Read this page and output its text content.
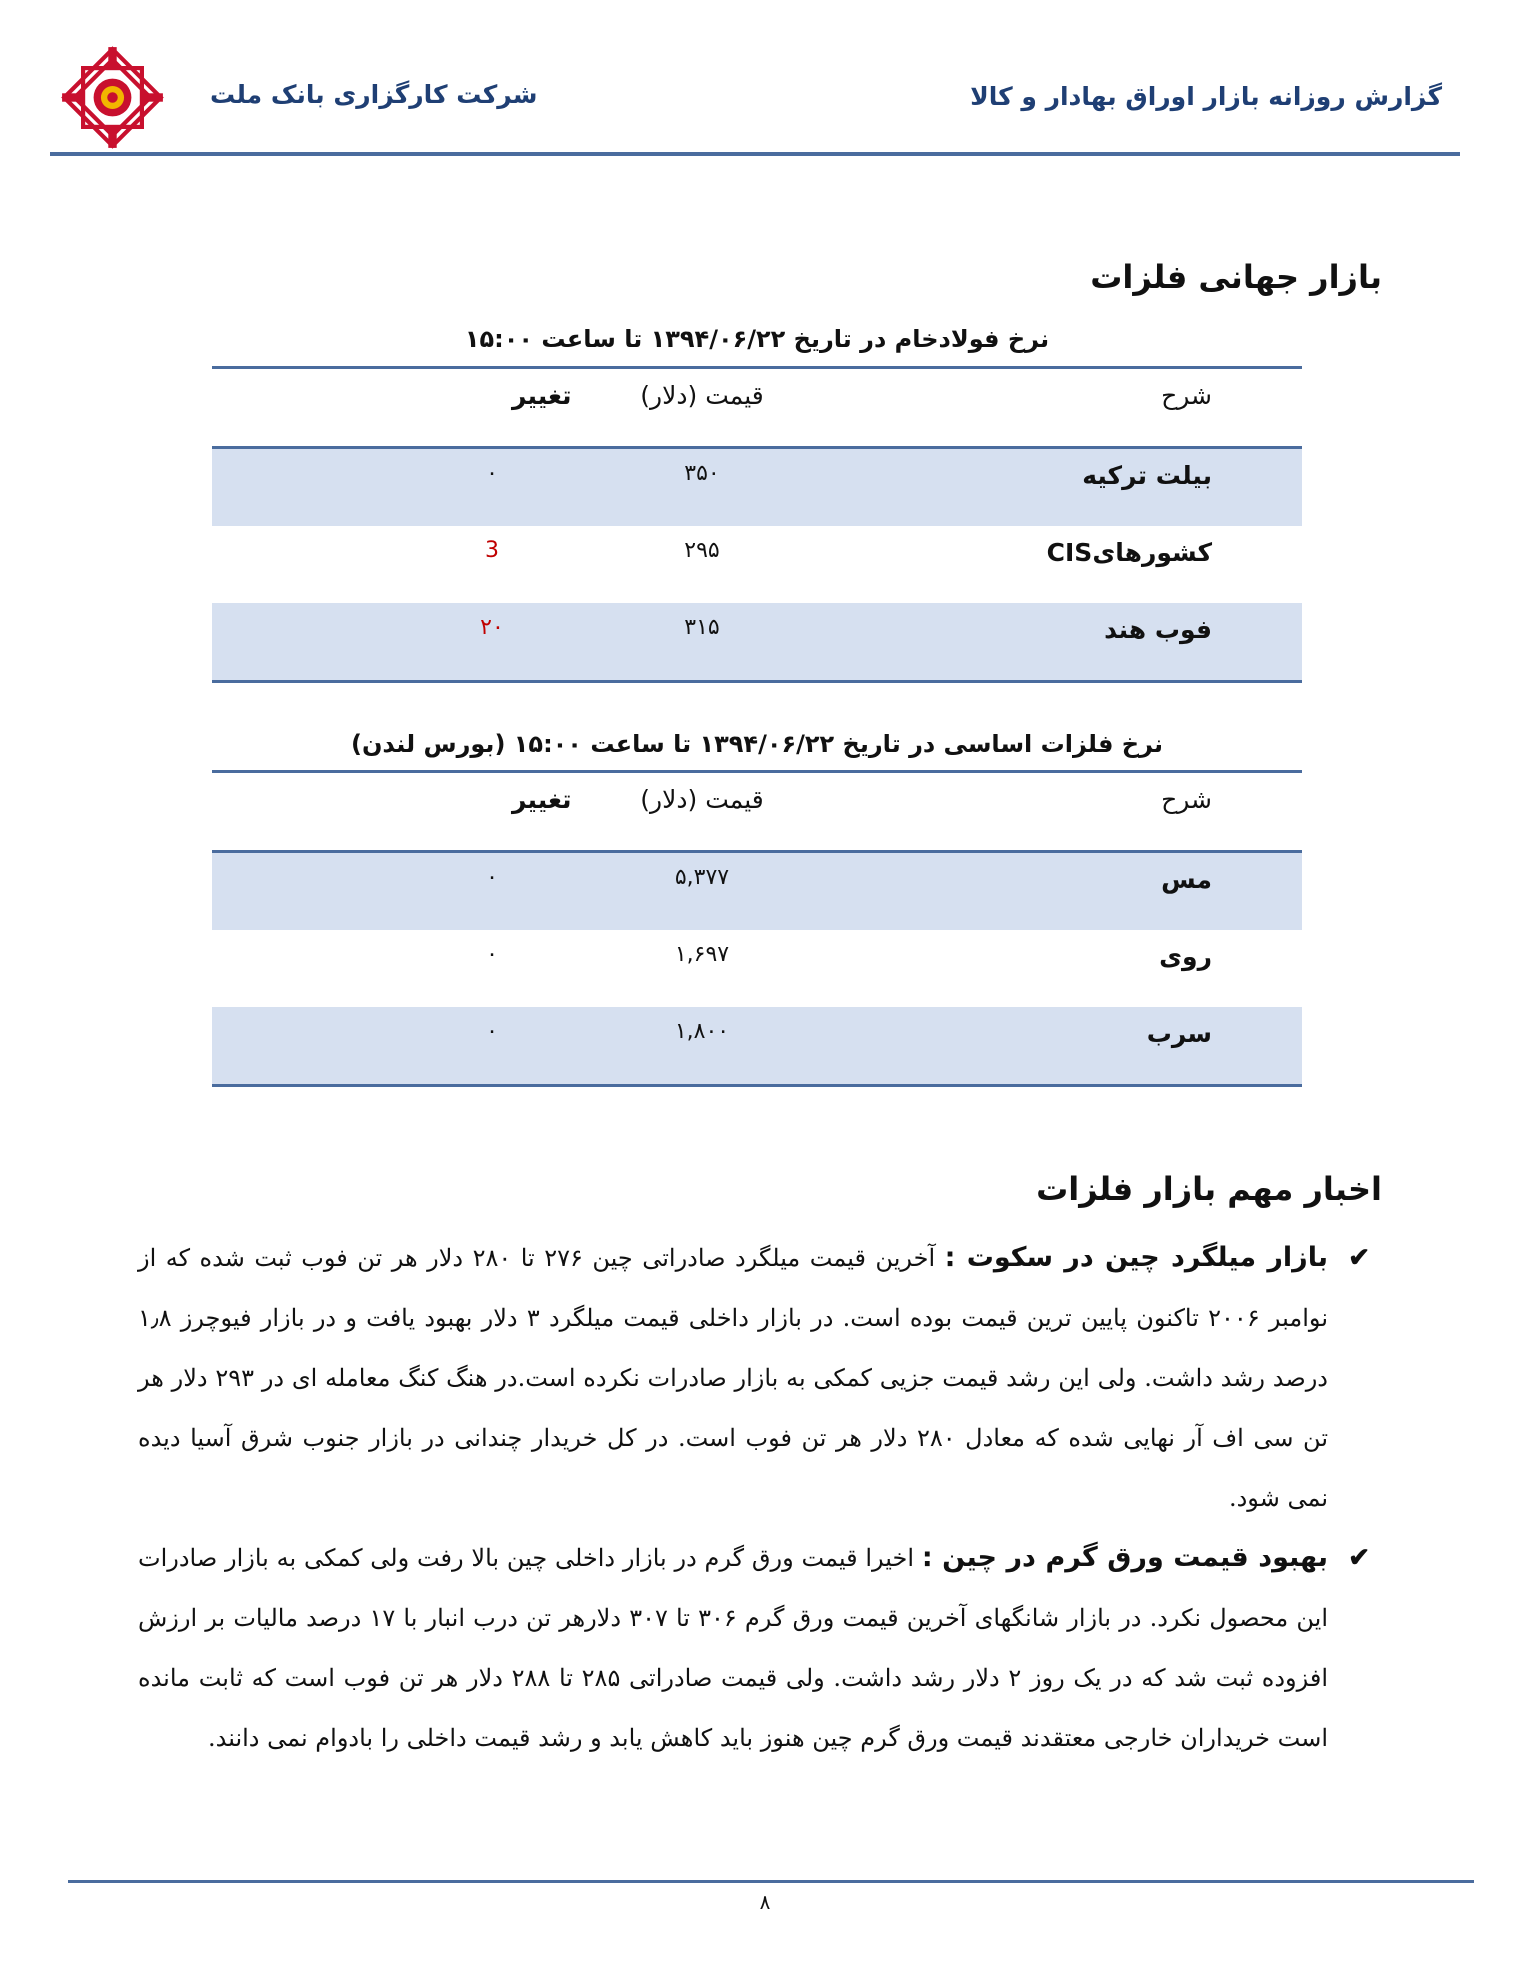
شرکت کارگزاری بانک ملت	گزارش روزانه بازار اوراق بهادار و کالا
بازار جهانی فلزات
نرخ فولادخام در تاریخ ۱۳۹۴/۰۶/۲۲ تا ساعت ۱۵:۰۰
شرح
قیمت (دلار)
تغییر
بیلت ترکیه
۳۵۰
۰
کشورهایCIS
۲۹۵
3
فوب هند
۳۱۵
۲۰
نرخ فلزات اساسی در تاریخ ۱۳۹۴/۰۶/۲۲ تا ساعت ۱۵:۰۰ (بورس لندن)
شرح
قیمت (دلار)
تغییر
مس
۵,۳۷۷
۰
روی
۱,۶۹۷
۰
سرب
۱,۸۰۰
۰
اخبار مهم بازار فلزات
✔
بازار میلگرد چین در سکوت : آخرین قیمت میلگرد صادراتی چین ۲۷۶ تا ۲۸۰ دلار هر تن فوب ثبت شده که از نوامبر ۲۰۰۶ تاکنون پایین ترین قیمت بوده است. در بازار داخلی قیمت میلگرد ۳ دلار بهبود یافت و در بازار فیوچرز ۱٫۸ درصد رشد داشت. ولی این رشد قیمت جزیی کمکی به بازار صادرات نکرده است.در هنگ کنگ معامله ای در ۲۹۳ دلار هر تن سی اف آر نهایی شده که معادل ۲۸۰ دلار هر تن فوب است. در کل خریدار چندانی در بازار جنوب شرق آسیا دیده نمی شود.
✔
بهبود قیمت ورق گرم در چین : اخیرا قیمت ورق گرم در بازار داخلی چین بالا رفت ولی کمکی به بازار صادرات این محصول نکرد. در بازار شانگهای آخرین قیمت ورق گرم ۳۰۶ تا ۳۰۷ دلارهر تن درب انبار با ۱۷ درصد مالیات بر ارزش افزوده ثبت شد که در یک روز ۲ دلار رشد داشت. ولی قیمت صادراتی ۲۸۵ تا ۲۸۸ دلار هر تن فوب است که ثابت مانده است خریداران خارجی معتقدند قیمت ورق گرم چین هنوز باید کاهش یابد و رشد قیمت داخلی را بادوام نمی دانند.
۸
